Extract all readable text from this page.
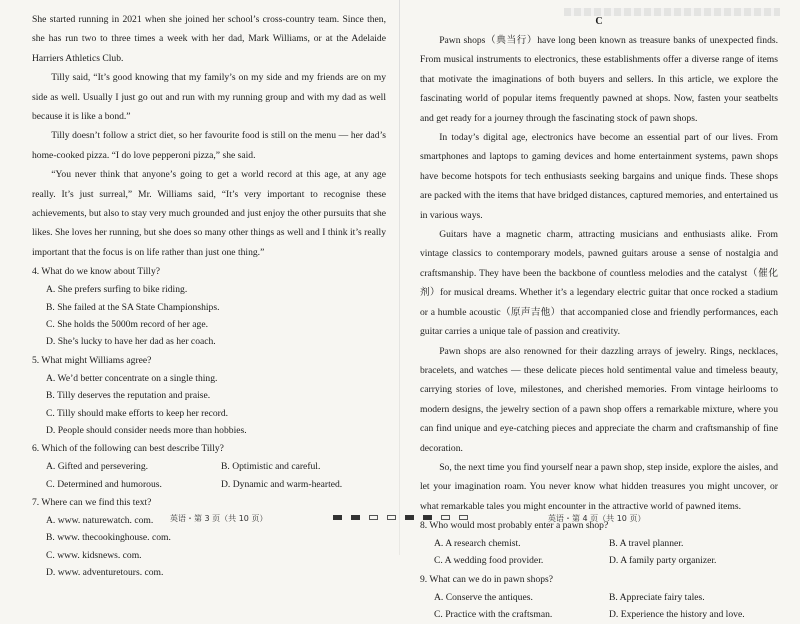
She started running in 2021 when she joined her school’s cross-country team. Since then, she has run two to three times a week with her dad, Mark Williams, or at the Adelaide Harriers Athletics Club.

Tilly said, “It’s good knowing that my family’s on my side and my friends are on my side as well. Usually I just go out and run with my running group and with my dad as well because it is like a bond.”

Tilly doesn’t follow a strict diet, so her favourite food is still on the menu — her dad’s home-cooked pizza. “I do love pepperoni pizza,” she said.

“You never think that anyone’s going to get a world record at this age, at any age really. It’s just surreal,” Mr. Williams said, “It’s very important to recognise these achievements, but also to stay very much grounded and just enjoy the other pursuits that she likes. She loves her running, but she does so many other things as well and I think it’s really important that the focus is on life rather than just one thing.”

4. What do we know about Tilly?
A. She prefers surfing to bike riding.
B. She failed at the SA State Championships.
C. She holds the 5000m record of her age.
D. She’s lucky to have her dad as her coach.
5. What might Williams agree?
A. We’d better concentrate on a single thing.
B. Tilly deserves the reputation and praise.
C. Tilly should make efforts to keep her record.
D. People should consider needs more than hobbies.
6. Which of the following can best describe Tilly?
A. Gifted and persevering.	B. Optimistic and careful.
C. Determined and humorous.	D. Dynamic and warm-hearted.
7. Where can we find this text?
A. www. naturewatch. com.
B. www. thecookinghouse. com.
C. www. kidsnews. com.
D. www. adventuretours. com.
C

Pawn shops（典当行）have long been known as treasure banks of unexpected finds. From musical instruments to electronics, these establishments offer a diverse range of items that motivate the imaginations of both buyers and sellers. In this article, we explore the fascinating world of popular items frequently pawned at shops. Now, fasten your seatbelts and get ready for a journey through the fascinating stock of pawn shops.

In today’s digital age, electronics have become an essential part of our lives. From smartphones and laptops to gaming devices and home entertainment systems, pawn shops have become hotspots for tech enthusiasts seeking bargains and unique finds. These shops are packed with the items that have bridged distances, captured memories, and entertained us in various ways.

Guitars have a magnetic charm, attracting musicians and enthusiasts alike. From vintage classics to contemporary models, pawned guitars arouse a sense of nostalgia and craftsmanship. They have been the backbone of countless melodies and the catalyst（催化剂）for musical dreams. Whether it’s a legendary electric guitar that once rocked a stadium or a humble acoustic（原声吉他）that accompanied close and friendly performances, each guitar carries a unique tale of passion and creativity.

Pawn shops are also renowned for their dazzling arrays of jewelry. Rings, necklaces, bracelets, and watches — these delicate pieces hold sentimental value and timeless beauty, carrying stories of love, milestones, and cherished memories. From vintage heirlooms to modern designs, the jewelry section of a pawn shop offers a remarkable mixture, where you can find unique and eye-catching pieces and appreciate the charm and craftsmanship of fine decoration.

So, the next time you find yourself near a pawn shop, step inside, explore the aisles, and let your imagination roam. You never know what hidden treasures you might uncover, or what remarkable tales you might encounter in the attractive world of pawned items.

8. Who would most probably enter a pawn shop?
A. A research chemist.	B. A travel planner.
C. A wedding food provider.	D. A family party organizer.
9. What can we do in pawn shops?
A. Conserve the antiques.	B. Appreciate fairy tales.
C. Practice with the craftsman.	D. Experience the history and love.
英语・第 3 页（共 10 页）	英语・第 4 页（共 10 页）
